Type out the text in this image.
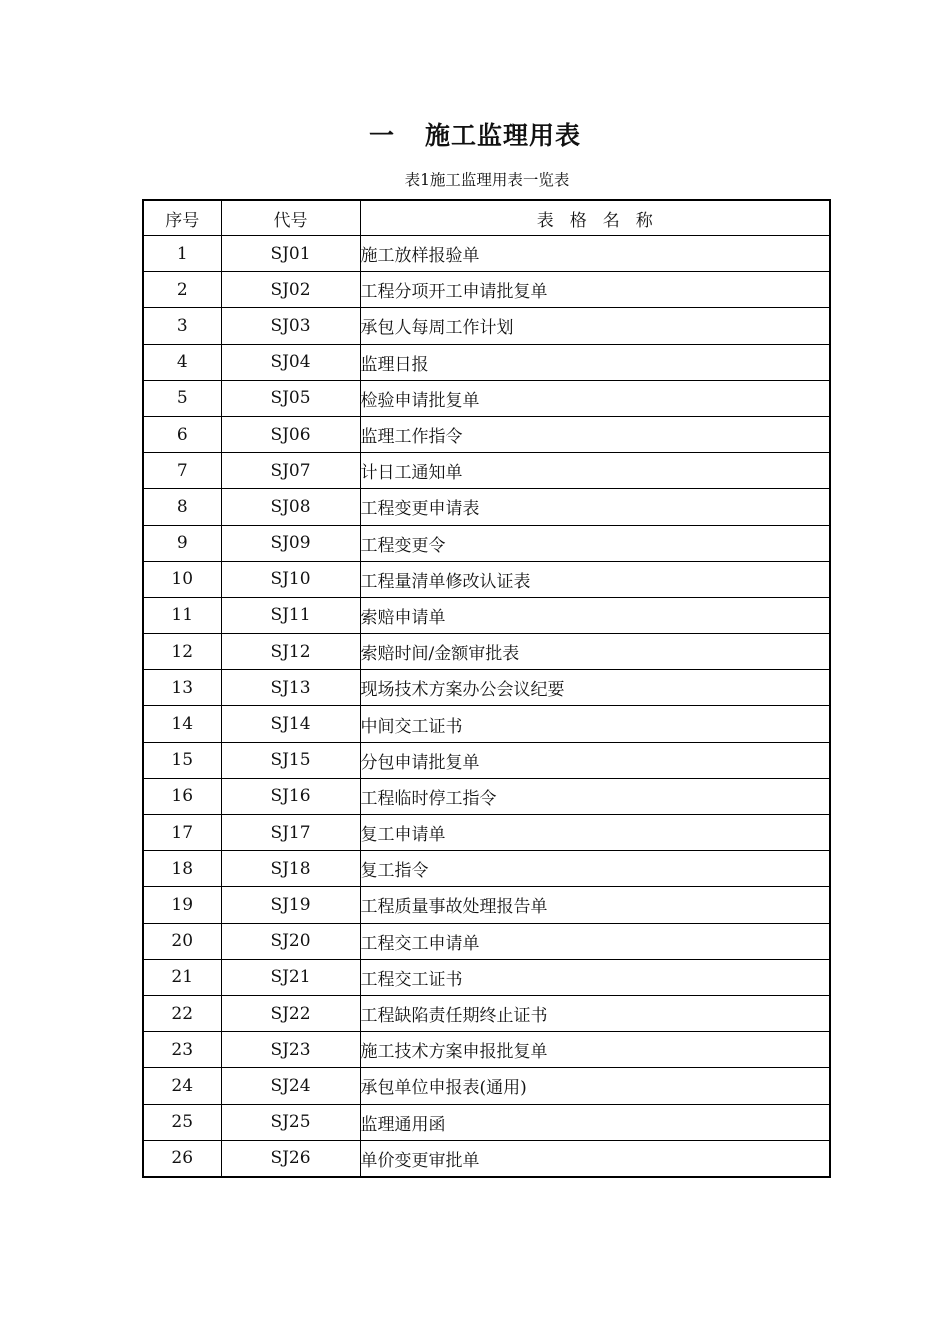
一 施工监理用表
表1施工监理用表一览表
序号	代号	表格名称
1	SJ01	施工放样报验单
2	SJ02	工程分项开工申请批复单
3	SJ03	承包人每周工作计划
4	SJ04	监理日报
5	SJ05	检验申请批复单
6	SJ06	监理工作指令
7	SJ07	计日工通知单
8	SJ08	工程变更申请表
9	SJ09	工程变更令
10	SJ10	工程量清单修改认证表
11	SJ11	索赔申请单
12	SJ12	索赔时间/金额审批表
13	SJ13	现场技术方案办公会议纪要
14	SJ14	中间交工证书
15	SJ15	分包申请批复单
16	SJ16	工程临时停工指令
17	SJ17	复工申请单
18	SJ18	复工指令
19	SJ19	工程质量事故处理报告单
20	SJ20	工程交工申请单
21	SJ21	工程交工证书
22	SJ22	工程缺陷责任期终止证书
23	SJ23	施工技术方案申报批复单
24	SJ24	承包单位申报表(通用)
25	SJ25	监理通用函
26	SJ26	单价变更审批单
